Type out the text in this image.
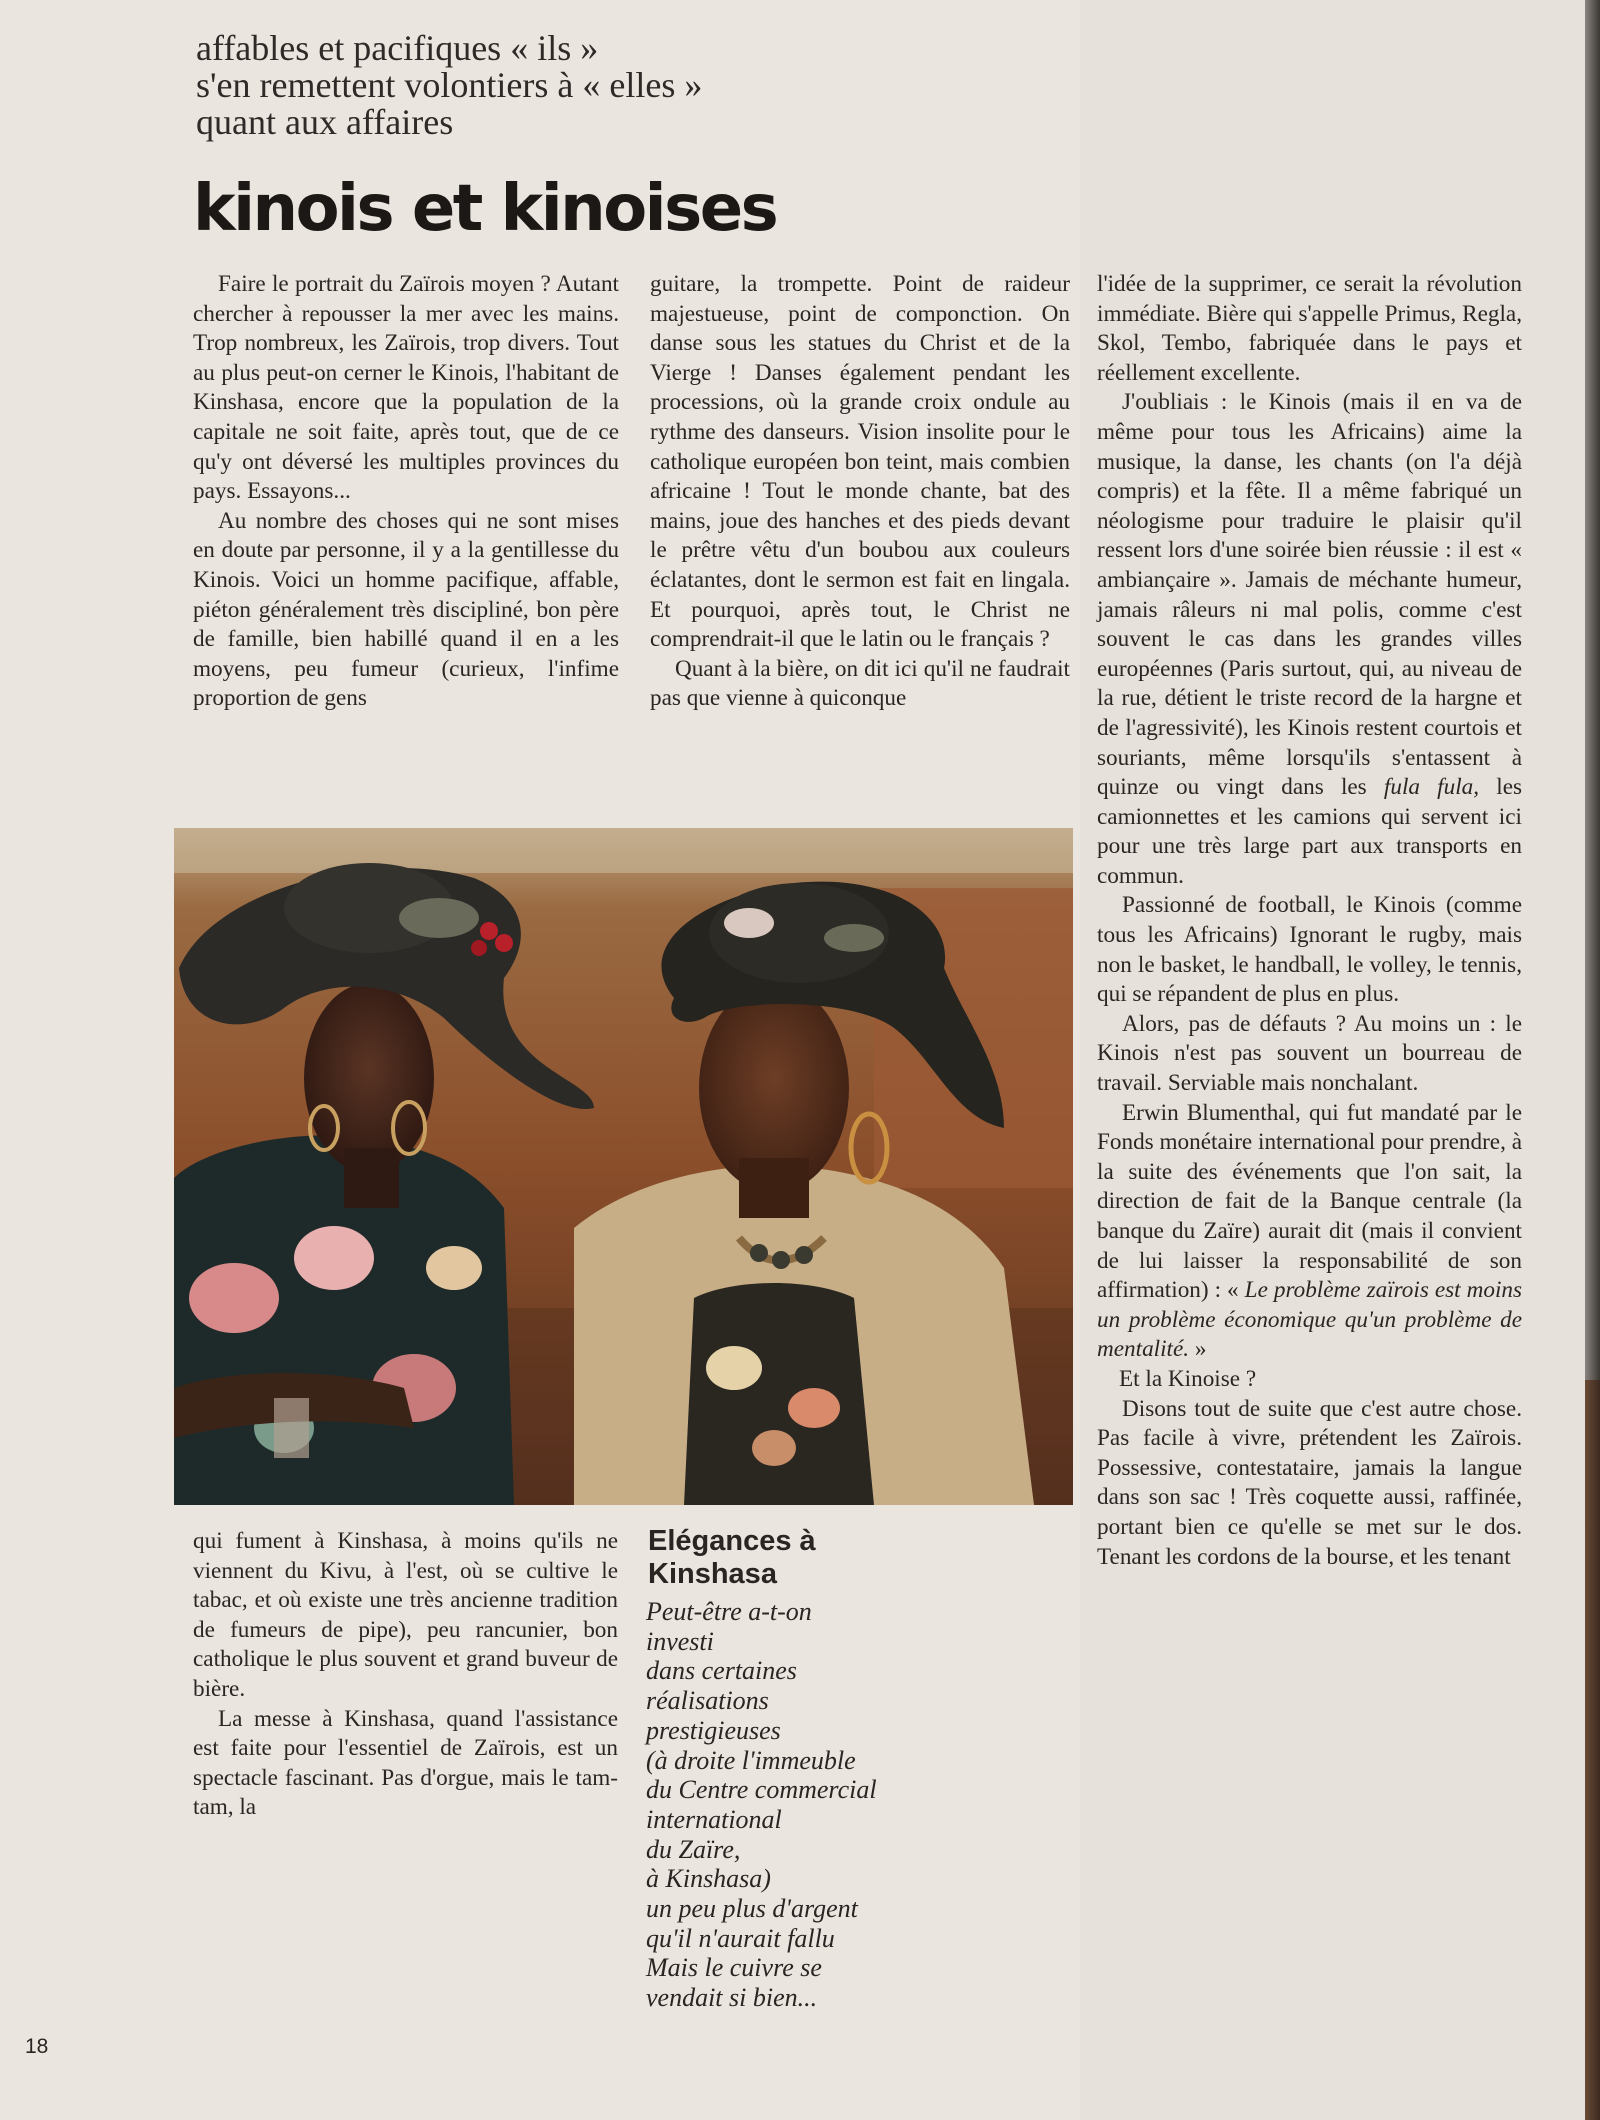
affables et pacifiques « ils »
s'en remettent volontiers à « elles »
quant aux affaires
kinois et kinoises

Faire le portrait du Zaïrois moyen ? Autant chercher à repousser la mer avec les mains. Trop nombreux, les Zaïrois, trop divers. Tout au plus peut-on cerner le Kinois, l'habitant de Kinshasa, encore que la population de la capitale ne soit faite, après tout, que de ce qu'y ont déversé les multiples provinces du pays. Essayons...

Au nombre des choses qui ne sont mises en doute par personne, il y a la gentillesse du Kinois. Voici un homme pacifique, affable, piéton généralement très discipliné, bon père de famille, bien habillé quand il en a les moyens, peu fumeur (curieux, l'infime proportion de gens

guitare, la trompette. Point de raideur majestueuse, point de componction. On danse sous les statues du Christ et de la Vierge ! Danses également pendant les processions, où la grande croix ondule au rythme des danseurs. Vision insolite pour le catholique européen bon teint, mais combien africaine ! Tout le monde chante, bat des mains, joue des hanches et des pieds devant le prêtre vêtu d'un boubou aux couleurs éclatantes, dont le sermon est fait en lingala. Et pourquoi, après tout, le Christ ne comprendrait-il que le latin ou le français ?

Quant à la bière, on dit ici qu'il ne faudrait pas que vienne à quiconque

l'idée de la supprimer, ce serait la révolution immédiate. Bière qui s'appelle Primus, Regla, Skol, Tembo, fabriquée dans le pays et réellement excellente.

J'oubliais : le Kinois (mais il en va de même pour tous les Africains) aime la musique, la danse, les chants (on l'a déjà compris) et la fête. Il a même fabriqué un néologisme pour traduire le plaisir qu'il ressent lors d'une soirée bien réussie : il est « ambiançaire ». Jamais de méchante humeur, jamais râleurs ni mal polis, comme c'est souvent le cas dans les grandes villes européennes (Paris surtout, qui, au niveau de la rue, détient le triste record de la hargne et de l'agressivité), les Kinois restent courtois et souriants, même lorsqu'ils s'entassent à quinze ou vingt dans les fula fula, les camionnettes et les camions qui servent ici pour une très large part aux transports en commun.

Passionné de football, le Kinois (comme tous les Africains) Ignorant le rugby, mais non le basket, le handball, le volley, le tennis, qui se répandent de plus en plus.

Alors, pas de défauts ? Au moins un : le Kinois n'est pas souvent un bourreau de travail. Serviable mais nonchalant.

Erwin Blumenthal, qui fut mandaté par le Fonds monétaire international pour prendre, à la suite des événements que l'on sait, la direction de fait de la Banque centrale (la banque du Zaïre) aurait dit (mais il convient de lui laisser la responsabilité de son affirmation) : « Le problème zaïrois est moins un problème économique qu'un problème de mentalité. »

Et la Kinoise ?

Disons tout de suite que c'est autre chose. Pas facile à vivre, prétendent les Zaïrois. Possessive, contestataire, jamais la langue dans son sac ! Très coquette aussi, raffinée, portant bien ce qu'elle se met sur le dos. Tenant les cordons de la bourse, et les tenant

qui fument à Kinshasa, à moins qu'ils ne viennent du Kivu, à l'est, où se cultive le tabac, et où existe une très ancienne tradition de fumeurs de pipe), peu rancunier, bon catholique le plus souvent et grand buveur de bière.

La messe à Kinshasa, quand l'assistance est faite pour l'essentiel de Zaïrois, est un spectacle fascinant. Pas d'orgue, mais le tam-tam, la

Elégances à Kinshasa
Peut-être a-t-on
investi
dans certaines
réalisations
prestigieuses
(à droite l'immeuble
du Centre commercial
international
du Zaïre,
à Kinshasa)
un peu plus d'argent
qu'il n'aurait fallu
Mais le cuivre se
vendait si bien...
18
